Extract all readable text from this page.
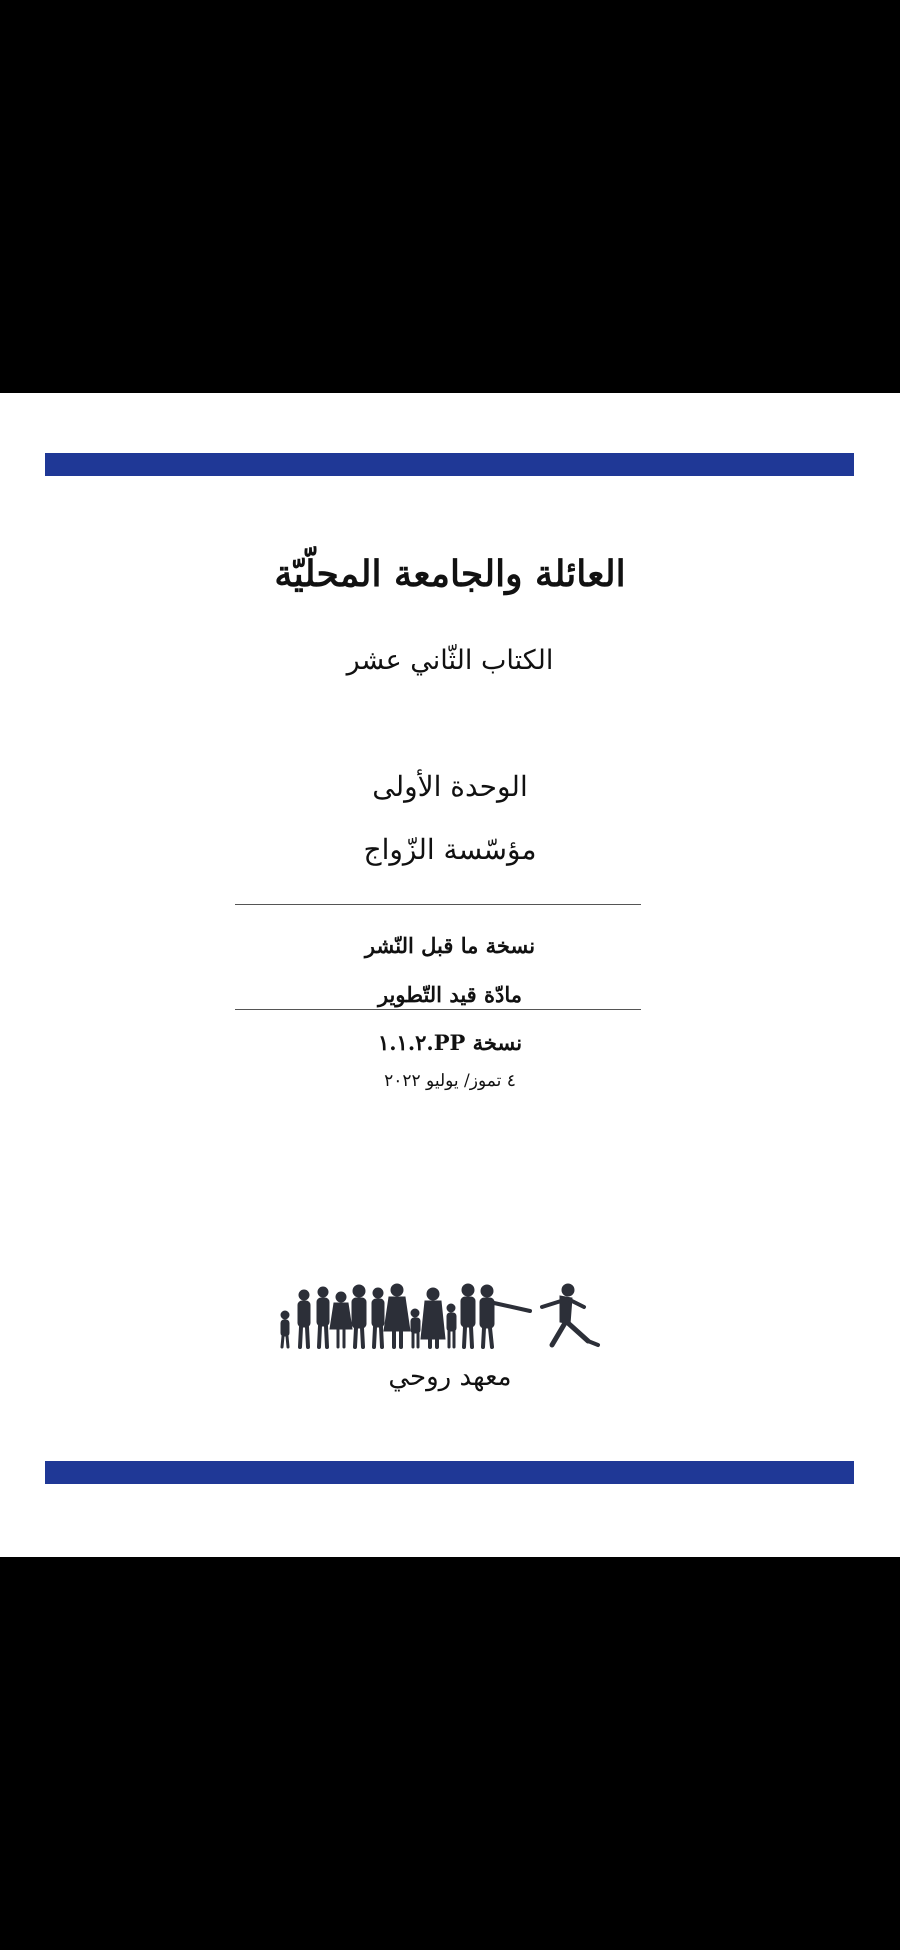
العائلة والجامعة المحلّيّة
الكتاب الثّاني عشر
الوحدة الأولى
مؤسّسة الزّواج
نسخة ما قبل النّشر
مادّة قيد التّطوير
نسخة PP.١.١.٢
٤ تموز/ يوليو ٢٠٢٢
معهد روحي
